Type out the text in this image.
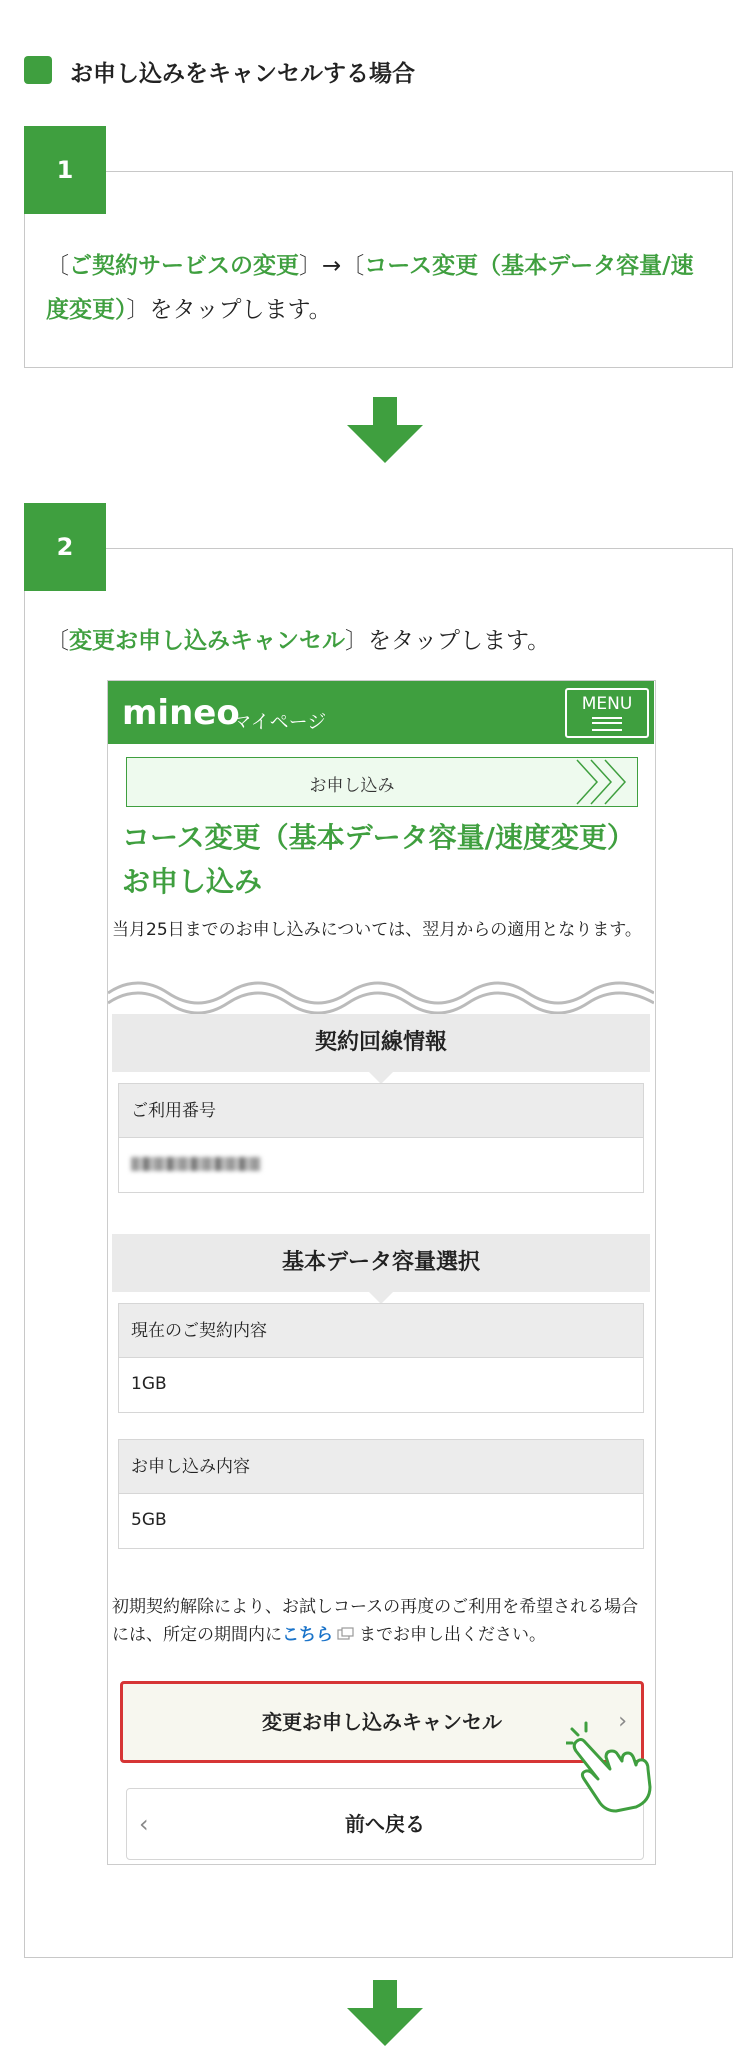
お申し込みをキャンセルする場合
1
〔ご契約サービスの変更〕→〔コース変更（基本データ容量/速度変更）〕をタップします。
2
〔変更お申し込みキャンセル〕をタップします。
mineo
マイページ
MENU
お申し込み
コース変更（基本データ容量/速度変更）お申し込み
当月25日までのお申し込みについては、翌月からの適用となります。
契約回線情報
ご利用番号
基本データ容量選択
現在のご契約内容
1GB
お申し込み内容
5GB
初期契約解除により、お試しコースの再度のご利用を希望される場合には、所定の期間内にこちら までお申し出ください。
変更お申し込みキャンセル	›
‹	前へ戻る
